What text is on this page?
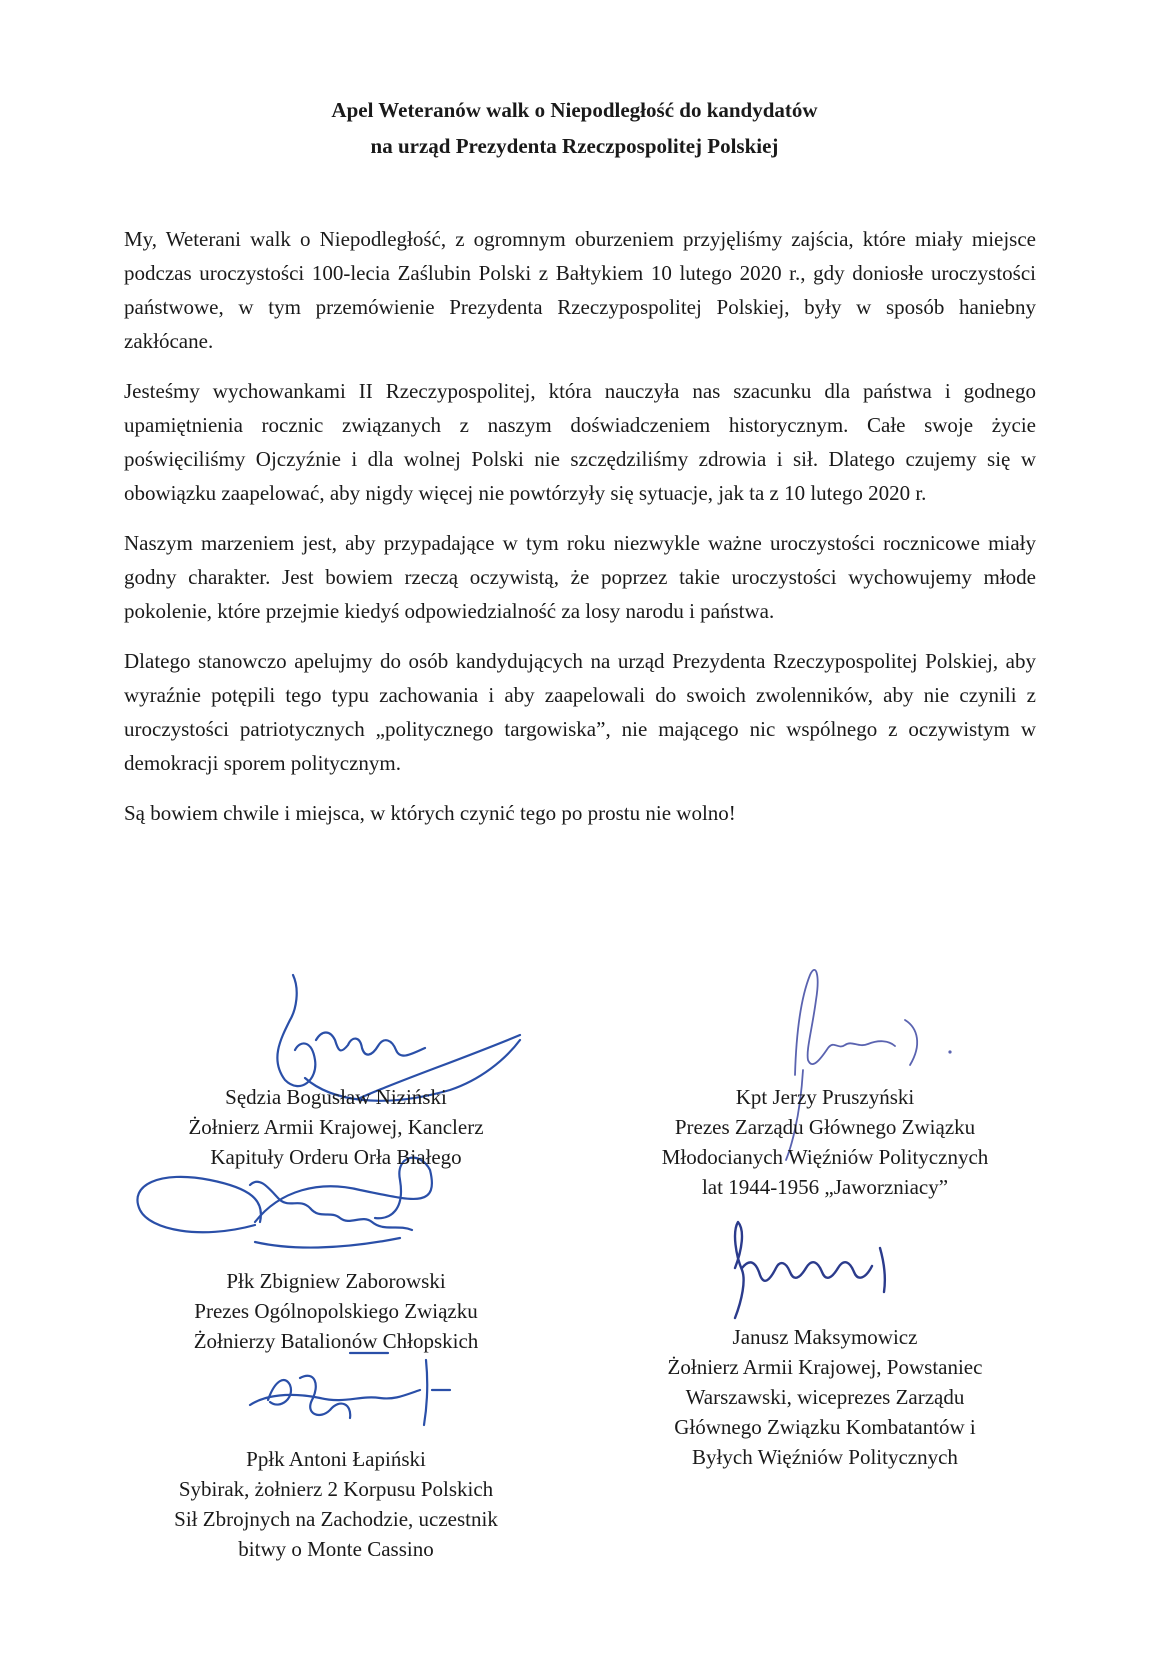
Apel Weteranów walk o Niepodległość do kandydatów
na urząd Prezydenta Rzeczpospolitej Polskiej

My, Weterani walk o Niepodległość, z ogromnym oburzeniem przyjęliśmy zajścia, które miały miejsce podczas uroczystości 100-lecia Zaślubin Polski z Bałtykiem 10 lutego 2020 r., gdy doniosłe uroczystości państwowe, w tym przemówienie Prezydenta Rzeczypospolitej Polskiej, były w sposób haniebny zakłócane.

Jesteśmy wychowankami II Rzeczypospolitej, która nauczyła nas szacunku dla państwa i godnego upamiętnienia rocznic związanych z naszym doświadczeniem historycznym. Całe swoje życie poświęciliśmy Ojczyźnie i dla wolnej Polski nie szczędziliśmy zdrowia i sił. Dlatego czujemy się w obowiązku zaapelować, aby nigdy więcej nie powtórzyły się sytuacje, jak ta z 10 lutego 2020 r.

Naszym marzeniem jest, aby przypadające w tym roku niezwykle ważne uroczystości rocznicowe miały godny charakter. Jest bowiem rzeczą oczywistą, że poprzez takie uroczystości wychowujemy młode pokolenie, które przejmie kiedyś odpowiedzialność za losy narodu i państwa.

Dlatego stanowczo apelujmy do osób kandydujących na urząd Prezydenta Rzeczypospolitej Polskiej, aby wyraźnie potępili tego typu zachowania i aby zaapelowali do swoich zwolenników, aby nie czynili z uroczystości patriotycznych „politycznego targowiska”, nie mającego nic wspólnego z oczywistym w demokracji sporem politycznym.

Są bowiem chwile i miejsca, w których czynić tego po prostu nie wolno!

Sędzia Bogusław Niziński
Żołnierz Armii Krajowej, Kanclerz
Kapituły Orderu Orła Białego
Kpt Jerzy Pruszyński
Prezes Zarządu Głównego Związku
Młodocianych Więźniów Politycznych
lat 1944-1956 „Jaworzniacy”
Płk Zbigniew Zaborowski
Prezes Ogólnopolskiego Związku
Żołnierzy Batalionów Chłopskich	Janusz Maksymowicz
Żołnierz Armii Krajowej, Powstaniec
Warszawski, wiceprezes Zarządu
Głównego Związku Kombatantów i
Byłych Więźniów Politycznych
Ppłk Antoni Łapiński
Sybirak, żołnierz 2 Korpusu Polskich
Sił Zbrojnych na Zachodzie, uczestnik
bitwy o Monte Cassino
